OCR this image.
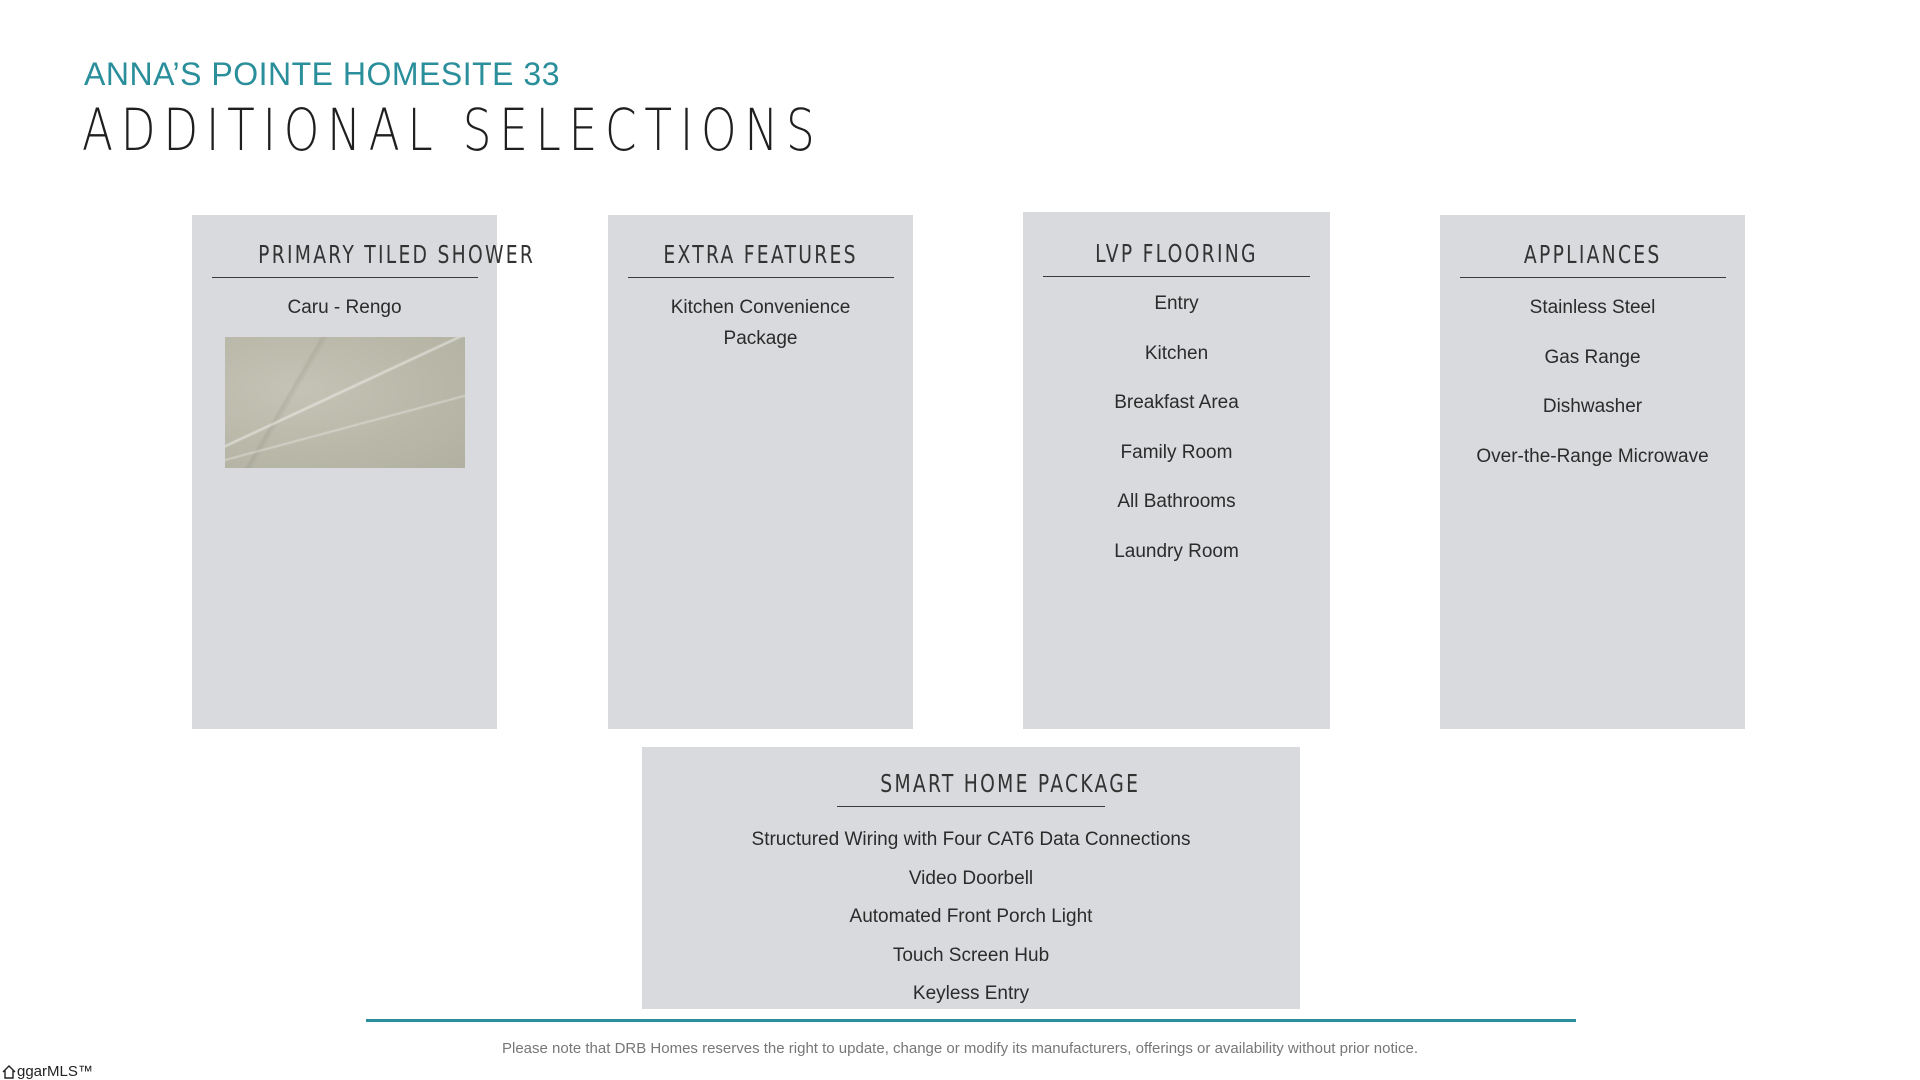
ANNA’S POINTE HOMESITE 33
ADDITIONAL SELECTIONS
PRIMARY TILED SHOWER
Caru - Rengo
EXTRA FEATURES
Kitchen Convenience
Package
LVP FLOORING
Entry
Kitchen
Breakfast Area
Family Room
All Bathrooms
Laundry Room
APPLIANCES
Stainless Steel
Gas Range
Dishwasher
Over-the-Range Microwave
SMART HOME PACKAGE
Structured Wiring with Four CAT6 Data Connections
Video Doorbell
Automated Front Porch Light
Touch Screen Hub
Keyless Entry
Please note that DRB Homes reserves the right to update, change or modify its manufacturers, offerings or availability without prior notice.
ggarMLS™
